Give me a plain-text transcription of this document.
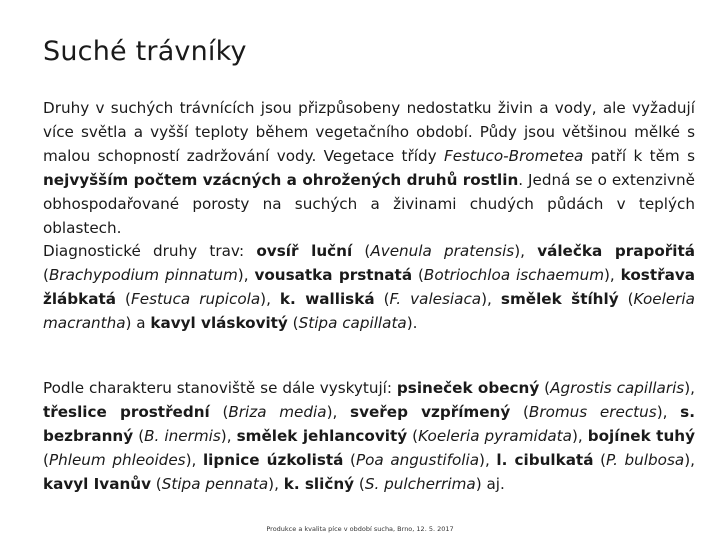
Suché trávníky

Druhy v suchých trávnících jsou přizpůsobeny nedostatku živin a vody, ale vyžadují více světla a vyšší teploty během vegetačního období. Půdy jsou většinou mělké s malou schopností zadržování vody. Vegetace třídy Festuco-Brometea patří k těm s nejvyšším počtem vzácných a ohrožených druhů rostlin. Jedná se o extenzivně obhospodařované porosty na suchých a živinami chudých půdách v teplých oblastech.

Diagnostické druhy trav: ovsíř luční (Avenula pratensis), válečka prapořitá (Brachypodium pinnatum), vousatka prstnatá (Botriochloa ischaemum), kostřava žlábkatá (Festuca rupicola), k. walliská (F. valesiaca), smělek štíhlý (Koeleria macrantha) a kavyl vláskovitý (Stipa capillata).

Podle charakteru stanoviště se dále vyskytují: psineček obecný (Agrostis capillaris), třeslice prostřední (Briza media), sveřep vzpřímený (Bromus erectus), s. bezbranný (B. inermis), smělek jehlancovitý (Koeleria pyramidata), bojínek tuhý (Phleum phleoides), lipnice úzkolistá (Poa angustifolia), l. cibulkatá (P. bulbosa), kavyl Ivanův (Stipa pennata), k. sličný (S. pulcherrima) aj.

Produkce a kvalita píce v období sucha, Brno, 12. 5. 2017
